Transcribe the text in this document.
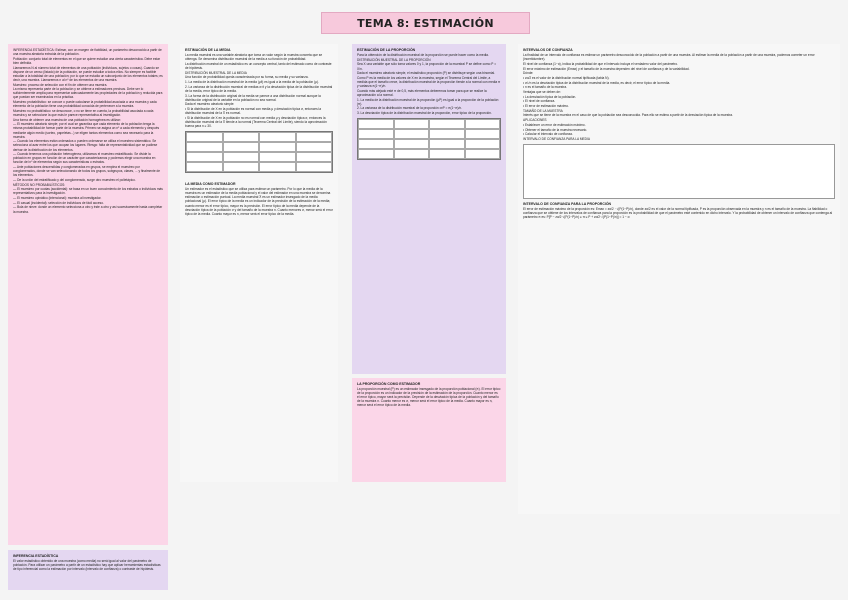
TEMA 8: ESTIMACIÓN

INFERENCIA ESTADÍSTICA: Estimar, con un margen de fiabilidad, un parámetro desconocido a partir de una muestra aleatoria extraída de la población.

Población: conjunto total de elementos en el que se quiere estudiar una cierta característica. Debe estar bien definida.

Llamaremos N al número total de elementos de una población (individuos, sujetos o cosas). Cuando se dispone de un censo (listado) de la población, se puede estudiar a todos ellos. No siempre es factible estudiar a la totalidad de una población; por lo que se estudia un subconjunto de los elementos totales; es decir, una muestra. Llamaremos n al nº de los elementos de una muestra.

Muestreo: proceso de selección con el fin de obtener una muestra.

La misma representa parte de la población y se obtiene a estimadores precisos. Debe ser lo suficientemente amplia para representar adecuadamente las propiedades de la población y reducida para que puedan ser examinados en la práctica.

Muestreo probabilístico: se conoce o puede calcularse la probabilidad asociada a una muestra y cada elemento de la población tiene una probabilidad conocida de pertenecer a la muestra.

Muestreo no probabilístico: se desconoce, o no se tiene en cuenta, la probabilidad asociada a cada muestra y se seleccione la que más le parece representativa al investigador.

Una forma de obtener una muestra de una población homogénea es utilizar:

— El muestreo aleatorio simple; por el cual se garantiza que cada elemento de la población tenga la misma probabilidad de formar parte de la muestra. Primero se asigna un nº a cada elemento y después mediante algún medio (sorteo, papeletas...) se eligen tantos elementos como sea necesario para la muestra.

— Cuando los elementos están ordenados o pueden ordenarse se utiliza el muestreo sistemático. Se selecciona al azar entre los que ocupan los lugares. Riesgo: falta de representatividad que se pudiese derivar de la distribución de los elementos.

— Cuando tenemos una población heterogénea, utilizamos el muestreo estratificado. Se divide la población en grupos en función de un carácter que caracterizamos y podemos elegir una muestra en función del nº de elementos según sus características o estratos.

— Ante poblaciones descendidas y conglomeradas en grupos, se emplea el muestreo por conglomerados, donde se van seleccionando de todos los grupos, subgrupos, clases, ... y finalmente de los elementos.

— De la unión del estratificado y del conglomerado, surge otro muestreo el polietápico.

MÉTODOS NO PROBABILÍSTICOS:

— El muestreo por cuotas (accidental): se basa en un buen conocimiento de los estratos o individuos más representativos para la investigación.

— El muestreo opinático (intencional): muestra al investigador.

— El casual (incidental): selección de individuos de fácil acceso.

— Bola de nieve: donde un elemento selecciona a otro y éste a otro y así sucesivamente hasta completar la muestra.

INFERENCIA ESTADÍSTICA

El valor estadístico obtenido de una muestra (como media) no será igual al valor del parámetro de población. Para utilizar un parámetro a partir de un estadístico hay que aplicar herramientas estadísticas de tipo inferencial como la estimación por intervalo (intervalo de confianza) o contraste de hipótesis.

ESTIMACIÓN DE LA MEDIA

La media muestral es una variable aleatoria que toma un valor según la muestra concreta que se obtenga. Se denomina distribución muestral de la media a su función de probabilidad.

La distribución muestral de un estadístico es un concepto central, tanto del estimado como de contraste de hipótesis.

DISTRIBUCIÓN MUESTRAL DE LA MEDIA

Una función de probabilidad queda caracterizada por su forma, su media y su varianza.

1. La media de la distribución muestral de la media (μx̄) es igual a la media de la población (μ).

2. La varianza de la distribución muestral de medias σ²x̄ y la desviación típica de la distribución muestral de la media, error típico de la media.

3. La forma de la distribución original de la media se parece a una distribución normal aunque la distribución original de la variable en la población no sea normal.

Dada el muestreo aleatorio simple:

• Si la distribución de X en la población es normal con media μ y desviación típica σ, entonces la distribución muestral de la X̄ es normal.

• Si la distribución de X en la población no es normal con media μ y desviación típica σ, entonces la distribución muestral de la X̄ tiende a la normal (Teorema Central del Límite), siendo la aproximación buena para n ≥ 30.

LA MEDIA COMO ESTIMADOR

Un estimador es el estadístico que se utiliza para estimar un parámetro. Por lo que la media de la muestra es un estimador de la media poblacional y el valor del estimador en una muestra se denomina estimación o estimación puntual. La media muestral X̄ es un estimador insesgado de la media poblacional (μ). El error típico de la media es un indicador de la precisión de la estimación de la media; cuanto menor es el error típico, mayor es la precisión. El error típico de la media depende de la desviación típica de la población σ y del tamaño de la muestra n. Cuanto menores σ, menor será el error típico de la media. Cuanto mayor es n, menor será el error típico de la media.

ESTIMACIÓN DE LA PROPORCIÓN

Para la obtención de la distribución muestral de la proporción se puede hacer como la media.

DISTRIBUCIÓN MUESTRAL DE LA PROPORCIÓN

Sea X una variable que sólo toma valores 0 y 1, la proporción de la muestral P se define como P = X/n.

Dada el muestreo aleatorio simple, el estadístico proporción (P) se distribuye según una binomial.

Como P es la media de los valores de X en la muestra, según el Teorema Central del Límite, a medida que el tamaño crece, la distribución muestral de la proporción tiende a la normal con media π y varianza π(1−π)/n.

Cuando más alejado esté π de 0,5, más elementos deberemos tomar para que se realice la aproximación a la normal.

1. La media de la distribución muestral de la proporción (μP) es igual a la proporción de la población (π).

2. La varianza de la distribución muestral de la proporción σ²P = π(1−π)/n.

3. La desviación típica de la distribución muestral de la proporción, error típico de la proporción.

LA PROPORCIÓN COMO ESTIMADOR

La proporción muestral (P) es un estimador insesgado de la proporción poblacional (π). El error típico de la proporción es un indicador de la precisión de la estimación de la proporción. Cuanto menor es el error típico, mayor será la precisión. Depende de la desviación típica de la población y del tamaño de la muestra n. Cuanto menor es σ, menor será el error típico de la media. Cuanto mayor es n, menor será el error típico de la media.

INTERVALOS DE CONFIANZA

La finalidad de un intervalo de confianza es estimar un parámetro desconocido de la población a partir de una muestra. Al estimar la media de la población a partir de una muestra, podemos cometer un error (incertidumbre).

El nivel de confianza (1−α), indica la probabilidad de que el intervalo incluya el verdadero valor del parámetro.

El error máximo de estimación (Emax) y el tamaño de la muestra dependen del nivel de confianza y de la variabilidad.

Dónde:

• zα/2 es el valor de la distribución normal tipificada (tabla N).

• σ/√n es la desviación típica de la distribución muestral de la media, es decir, el error típico de la media.

• n es el tamaño de la muestra.

Ventajas que se deben de:

• La desviación típica de la población.

• El nivel de confianza.

• El error de estimación máximo.

TAMAÑO DE LA MUESTRA

Interés que se tiene de la muestra en el caso de que la población sea desconocida. Para ello se estima a partir de la desviación típica de la muestra.

APLICACIONES

• Establecer un error de estimación máximo.

• Obtener el tamaño de la muestra necesario.

• Calcular el intervalo de confianza.

INTERVALO DE CONFIANZA PARA LA MEDIA

INTERVALO DE CONFIANZA PARA LA PROPORCIÓN

El error de estimación máximo de la proporción es: Emax = zα/2 · √(P(1−P)/n), donde zα/2 es el valor de la normal tipificada, P es la proporción observada en la muestra y n es el tamaño de la muestra. La fiabilidad o confianza que se obtiene de los intervalos de confianza para la proporción es la probabilidad de que el parámetro esté contenido en dicho intervalo. Y la probabilidad de obtener un intervalo de confianza que contenga al parámetro π es: P[P − zα/2·√(P(1−P)/n) ≤ π ≤ P + zα/2·√(P(1−P)/n)] = 1 − α
